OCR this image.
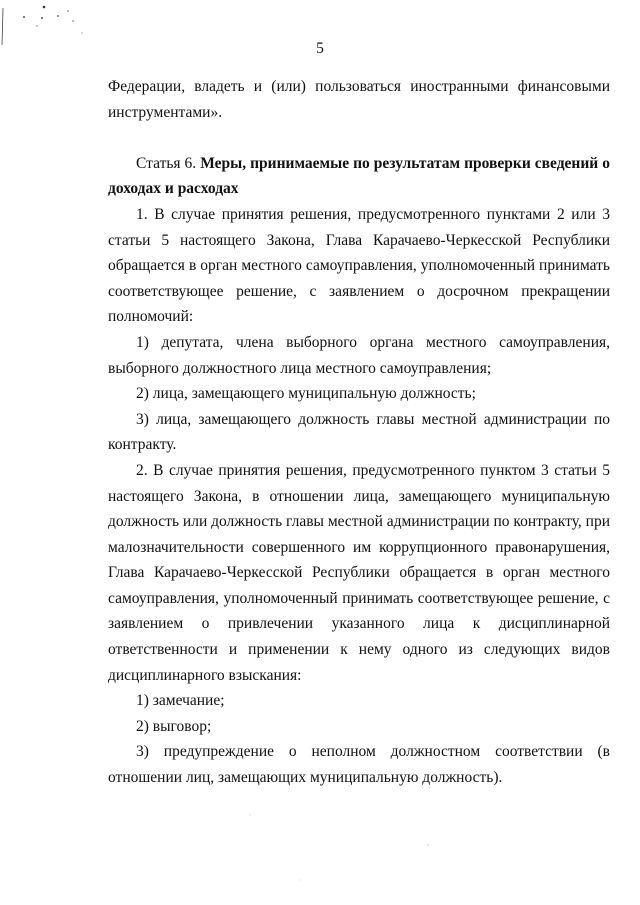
5

Федерации, владеть и (или) пользоваться иностранными финансовыми инструментами».

Статья 6. Меры, принимаемые по результатам проверки сведений о доходах и расходах

1. В случае принятия решения, предусмотренного пунктами 2 или 3 статьи 5 настоящего Закона, Глава Карачаево-Черкесской Республики обращается в орган местного самоуправления, уполномоченный принимать соответствующее решение, с заявлением о досрочном прекращении полномочий:

1) депутата, члена выборного органа местного самоуправления, выборного должностного лица местного самоуправления;

2) лица, замещающего муниципальную должность;

3) лица, замещающего должность главы местной администрации по контракту.

2. В случае принятия решения, предусмотренного пунктом 3 статьи 5 настоящего Закона, в отношении лица, замещающего муниципальную должность или должность главы местной администрации по контракту, при малозначительности совершенного им коррупционного правонарушения, Глава Карачаево-Черкесской Республики обращается в орган местного самоуправления, уполномоченный принимать соответствующее решение, с заявлением о привлечении указанного лица к дисциплинарной ответственности и применении к нему одного из следующих видов дисциплинарного взыскания:

1) замечание;

2) выговор;

3) предупреждение о неполном должностном соответствии (в отношении лиц, замещающих муниципальную должность).
